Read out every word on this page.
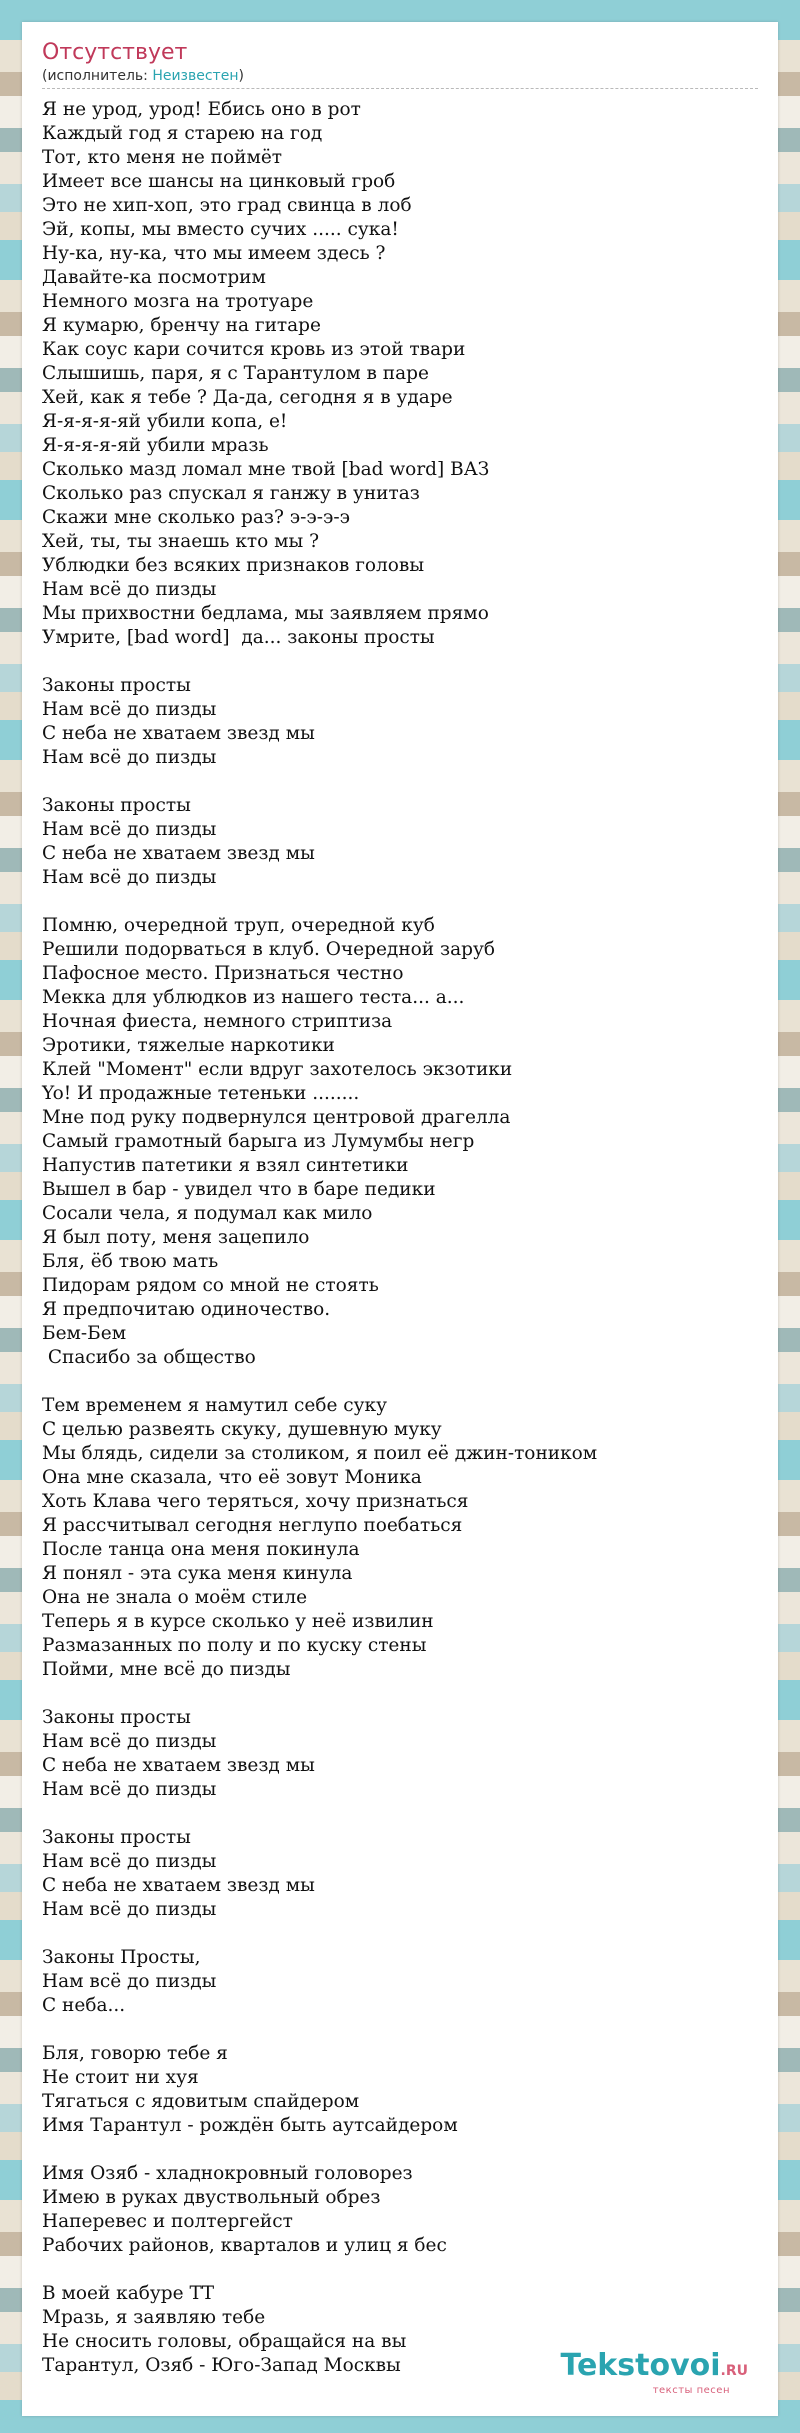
Отсутствует
(исполнитель: Неизвестен)
Я не урод, урод! Ебись оно в рот
Каждый год я старею на год
Тот, кто меня не поймёт
Имеет все шансы на цинковый гроб
Это не хип-хоп, это град свинца в лоб
Эй, копы, мы вместо сучих ..... сука!
Ну-ка, ну-ка, что мы имеем здесь ?
Давайте-ка посмотрим
Немного мозга на тротуаре
Я кумарю, бренчу на гитаре
Как соус кари сочится кровь из этой твари
Слышишь, паря, я с Тарантулом в паре
Хей, как я тебе ? Да-да, сегодня я в ударе
Я-я-я-я-яй убили копа, е!
Я-я-я-я-яй убили мразь
Сколько мазд ломал мне твой [bad word] ВАЗ
Сколько раз спускал я ганжу в унитаз
Скажи мне сколько раз? э-э-э-э
Хей, ты, ты знаешь кто мы ?
Ублюдки без всяких признаков головы
Нам всё до пизды
Мы прихвостни бедлама, мы заявляем прямо
Умрите, [bad word]  да... законы просты
Законы просты
Нам всё до пизды
С неба не хватаем звезд мы
Нам всё до пизды
Законы просты
Нам всё до пизды
С неба не хватаем звезд мы
Нам всё до пизды
Помню, очередной труп, очередной куб
Решили подорваться в клуб. Очередной заруб
Пафосное место. Признаться честно
Мекка для ублюдков из нашего теста... а...
Ночная фиеста, немного стриптиза
Эротики, тяжелые наркотики
Клей "Момент" если вдруг захотелось экзотики
Yo! И продажные тетеньки ........
Мне под руку подвернулся центровой драгелла
Самый грамотный барыга из Лумумбы негр
Напустив патетики я взял синтетики
Вышел в бар - увидел что в баре педики
Сосали чела, я подумал как мило
Я был поту, меня зацепило
Бля, ёб твою мать
Пидорам рядом со мной не стоять
Я предпочитаю одиночество.
Бем-Бем
Спасибо за общество
Тем временем я намутил себе суку
С целью развеять скуку, душевную муку
Мы блядь, сидели за столиком, я поил её джин-тоником
Она мне сказала, что её зовут Моника
Хоть Клава чего теряться, хочу признаться
Я рассчитывал сегодня неглупо поебаться
После танца она меня покинула
Я понял - эта сука меня кинула
Она не знала о моём стиле
Теперь я в курсе сколько у неё извилин
Размазанных по полу и по куску стены
Пойми, мне всё до пизды
Законы просты
Нам всё до пизды
С неба не хватаем звезд мы
Нам всё до пизды
Законы просты
Нам всё до пизды
С неба не хватаем звезд мы
Нам всё до пизды
Законы Просты,
Нам всё до пизды
С неба...
Бля, говорю тебе я
Не стоит ни хуя
Тягаться с ядовитым спайдером
Имя Тарантул - рождён быть аутсайдером
Имя Озяб - хладнокровный головорез
Имею в руках двуствольный обрез
Наперевес и полтергейст
Рабочих районов, кварталов и улиц я бес
В моей кабуре ТТ
Мразь, я заявляю тебе
Не сносить головы, обращайся на вы
Тарантул, Озяб - Юго-Запад Москвы	Tekstovoi.RU
тексты песен
